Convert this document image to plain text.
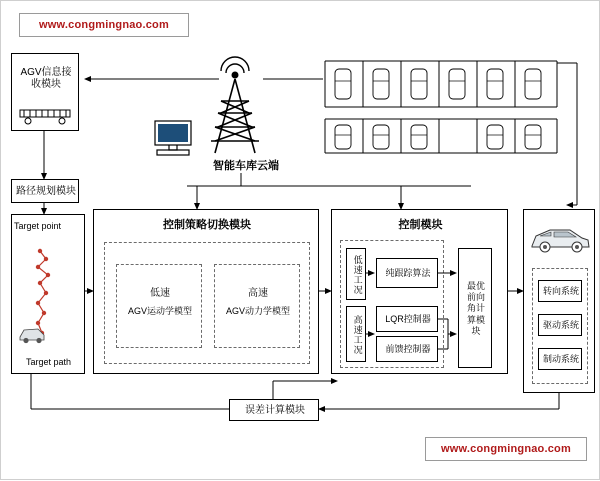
www.congmingnao.com
www.congmingnao.com
AGV信息接收模块
路径规划模块
Target point
Target path
智能车库云端
控制策略切换模块
低速
AGV运动学模型
高速
AGV动力学模型
控制模块
低速工况	纯跟踪算法
高速工况	LQR控制器
前馈控制器
最优前向角计算模块
转向系统
驱动系统
制动系统
误差计算模块
